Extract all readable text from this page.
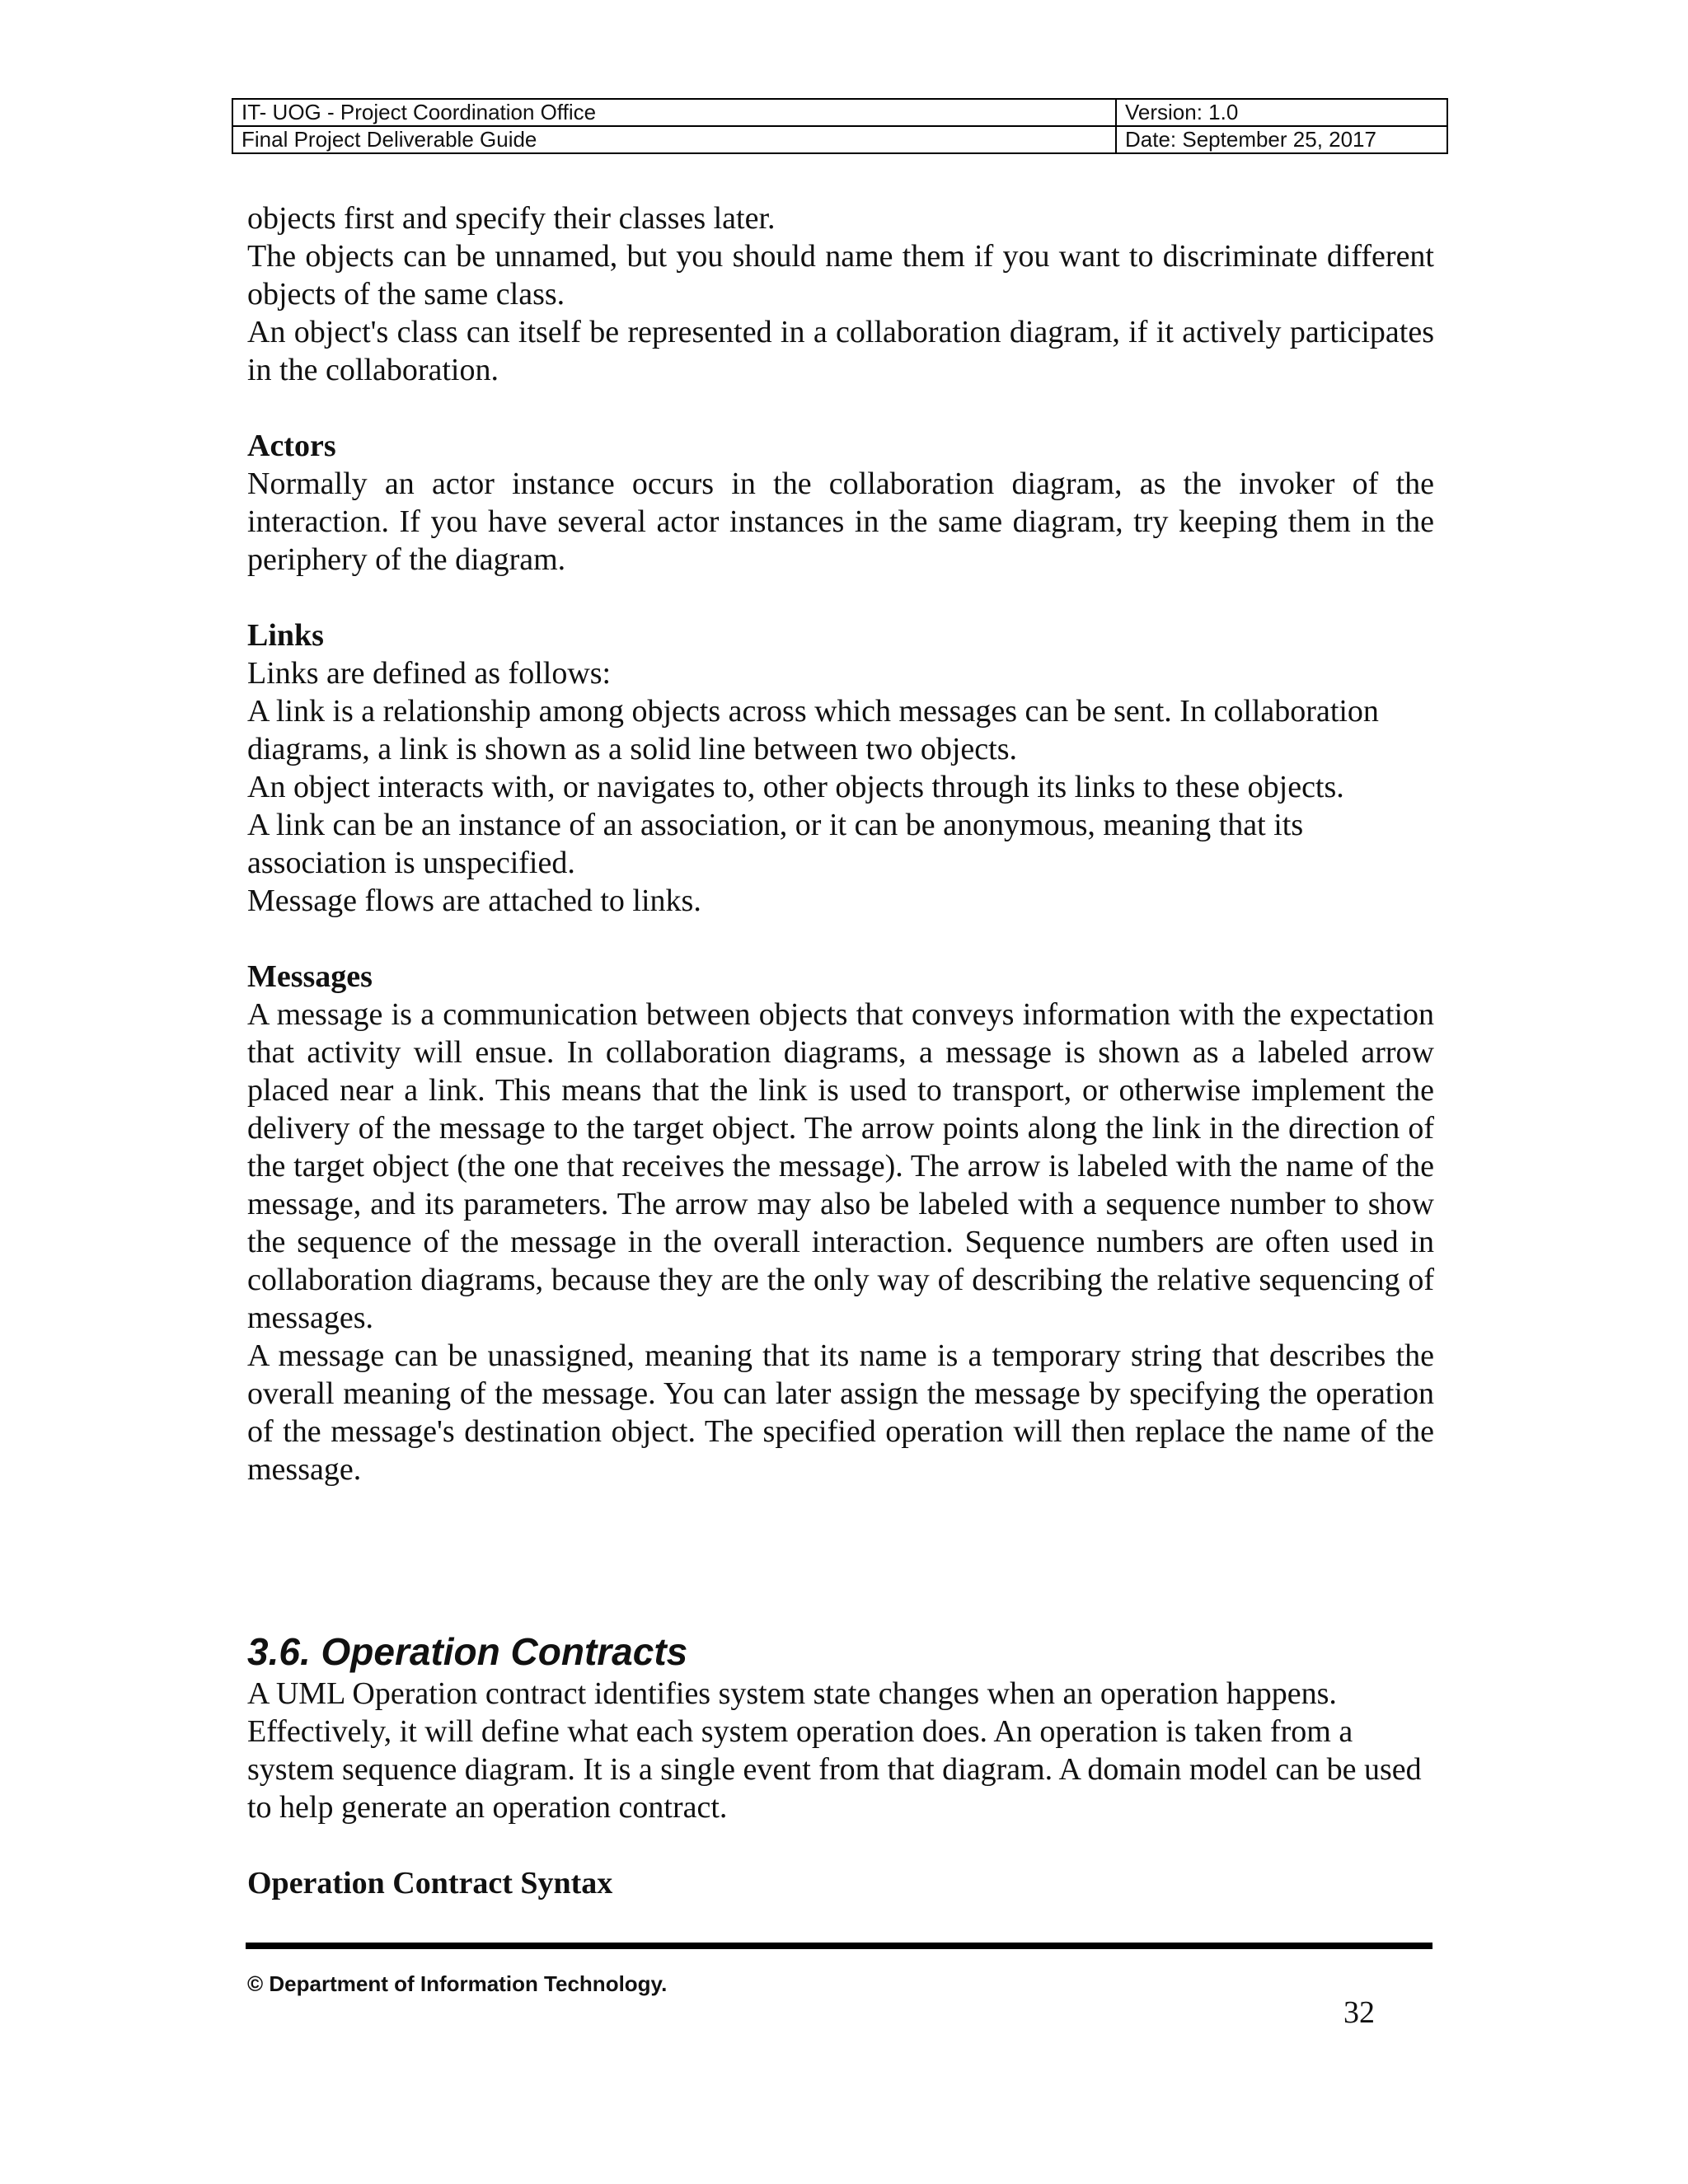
IT- UOG - Project Coordination Office	Version: 1.0
Final Project Deliverable Guide	Date: September 25, 2017

objects first and specify their classes later.

The objects can be unnamed, but you should name them if you want to discriminate different objects of the same class.

An object's class can itself be represented in a collaboration diagram, if it actively participates in the collaboration.

Actors

Normally an actor instance occurs in the collaboration diagram, as the invoker of the interaction. If you have several actor instances in the same diagram, try keeping them in the periphery of the diagram.

Links

Links are defined as follows:

A link is a relationship among objects across which messages can be sent. In collaboration diagrams, a link is shown as a solid line between two objects.

An object interacts with, or navigates to, other objects through its links to these objects.

A link can be an instance of an association, or it can be anonymous, meaning that its association is unspecified.

Message flows are attached to links.

Messages

A message is a communication between objects that conveys information with the expectation that activity will ensue. In collaboration diagrams, a message is shown as a labeled arrow placed near a link. This means that the link is used to transport, or otherwise implement the delivery of the message to the target object. The arrow points along the link in the direction of the target object (the one that receives the message). The arrow is labeled with the name of the message, and its parameters. The arrow may also be labeled with a sequence number to show the sequence of the message in the overall interaction. Sequence numbers are often used in collaboration diagrams, because they are the only way of describing the relative sequencing of messages.

A message can be unassigned, meaning that its name is a temporary string that describes the overall meaning of the message. You can later assign the message by specifying the operation of the message's destination object. The specified operation will then replace the name of the message.

3.6. Operation Contracts

A UML Operation contract identifies system state changes when an operation happens. Effectively, it will define what each system operation does. An operation is taken from a system sequence diagram. It is a single event from that diagram. A domain model can be used to help generate an operation contract.

Operation Contract Syntax
© Department of Information Technology.
32
